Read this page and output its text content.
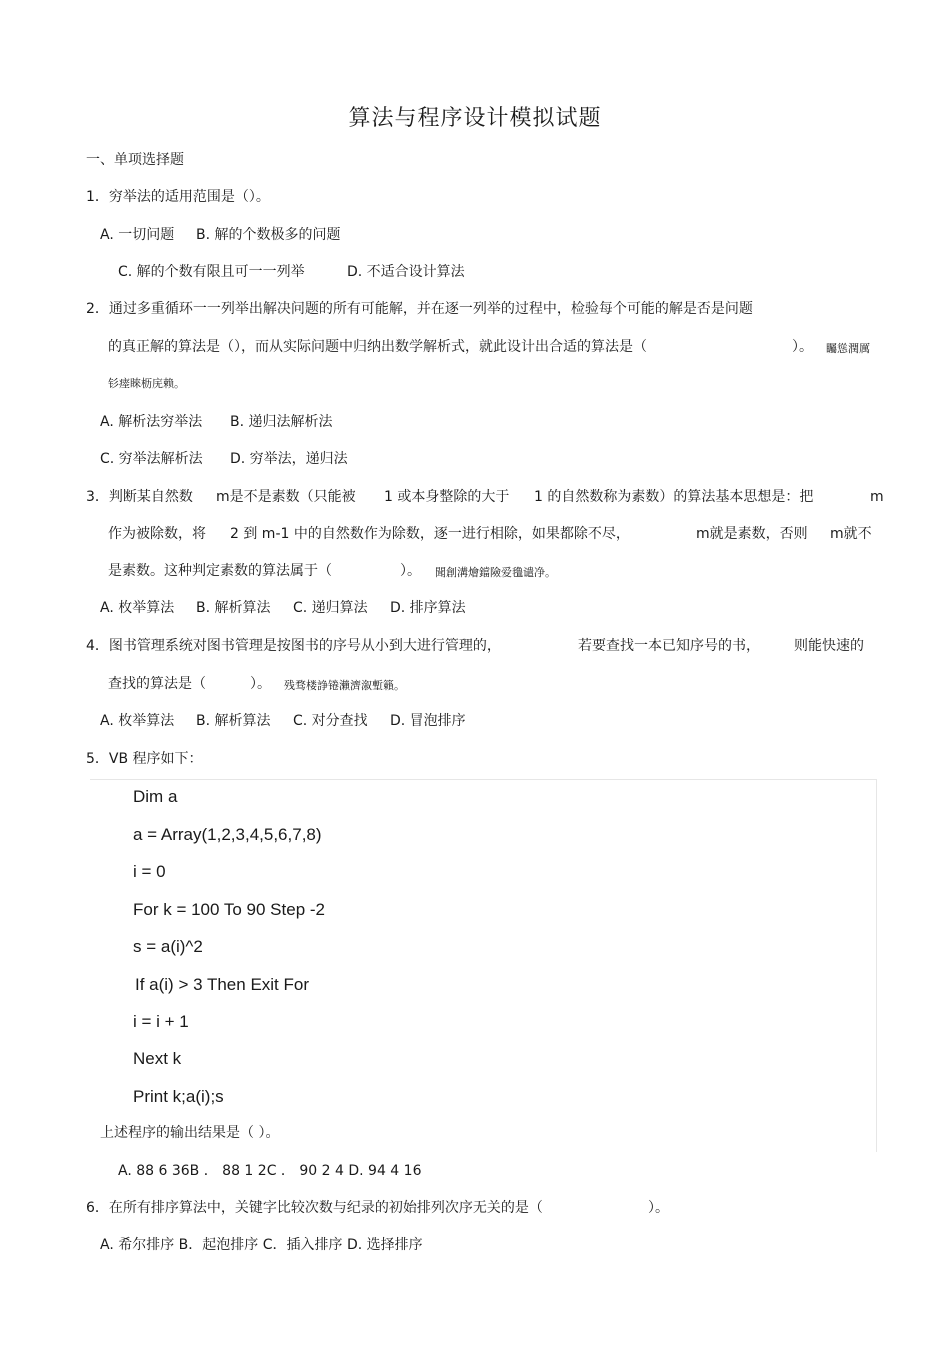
算法与程序设计模拟试题
一、单项选择题
1．穷举法的适用范围是（）。
A. 一切问题 B. 解的个数极多的问题
C. 解的个数有限且可一一列举	D. 不适合设计算法
2．通过多重循环一一列举出解决问题的所有可能解，并在逐一列举的过程中，检验每个可能的解是否是问题
的真正解的算法是（），而从实际问题中归纳出数学解析式，就此设计出合适的算法是（	）。 矚慫潤厲
钐瘗睞枥庑赖。
A. 解析法穷举法 B. 递归法解析法
C. 穷举法解析法 D. 穷举法，递归法
3．判断某自然数 m是不是素数（只能被 1 或本身整除的大于 1 的自然数称为素数）的算法基本思想是：把	m
作为被除数，将 2 到 m-1 中的自然数作为除数，逐一进行相除，如果都除不尽，	m就是素数，否则 m就不
是素数。这种判定素数的算法属于（	）。 聞創溝燴鐺險爱氇谴净。
A. 枚举算法 B. 解析算法 C. 递归算法 D. 排序算法
4．图书管理系统对图书管理是按图书的序号从小到大进行管理的，	若要查找一本已知序号的书， 则能快速的
查找的算法是（	）。 残骛楼諍锩瀨濟溆塹籟。
A. 枚举算法 B. 解析算法 C. 对分查找 D. 冒泡排序
5．VB 程序如下：
Dim a
a = Array(1,2,3,4,5,6,7,8)
i = 0
For k = 100 To 90 Step -2
s = a(i)^2
If a(i) > 3 Then Exit For
i = i + 1
Next k
Print k;a(i);s
上述程序的输出结果是（ ）。
A. 88 6 36B ． 88 1 2C ． 90 2 4 D. 94 4 16
6．在所有排序算法中，关键字比较次数与纪录的初始排列次序无关的是（	）。
A. 希尔排序 B．起泡排序 C．插入排序 D. 选择排序
